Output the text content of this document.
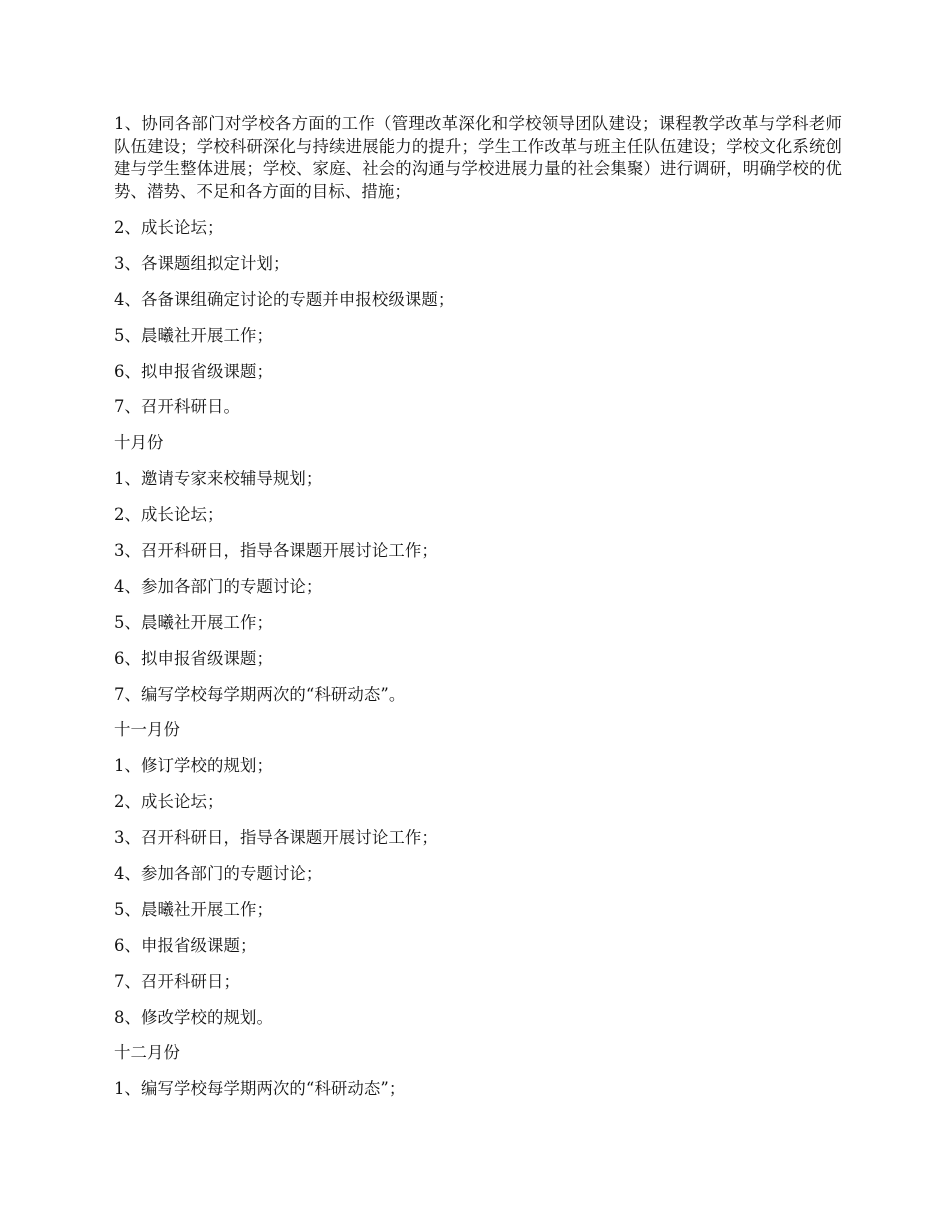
1、协同各部门对学校各方面的工作（管理改革深化和学校领导团队建设；课程教学改革与学科老师队伍建设；学校科研深化与持续进展能力的提升；学生工作改革与班主任队伍建设；学校文化系统创建与学生整体进展；学校、家庭、社会的沟通与学校进展力量的社会集聚）进行调研，明确学校的优势、潜势、不足和各方面的目标、措施；

2、成长论坛；

3、各课题组拟定计划；

4、各备课组确定讨论的专题并申报校级课题；

5、晨曦社开展工作；

6、拟申报省级课题；

7、召开科研日。

十月份

1、邀请专家来校辅导规划；

2、成长论坛；

3、召开科研日，指导各课题开展讨论工作；

4、参加各部门的专题讨论；

5、晨曦社开展工作；

6、拟申报省级课题；

7、编写学校每学期两次的“科研动态”。

十一月份

1、修订学校的规划；

2、成长论坛；

3、召开科研日，指导各课题开展讨论工作；

4、参加各部门的专题讨论；

5、晨曦社开展工作；

6、申报省级课题；

7、召开科研日；

8、修改学校的规划。

十二月份

1、编写学校每学期两次的“科研动态”；
